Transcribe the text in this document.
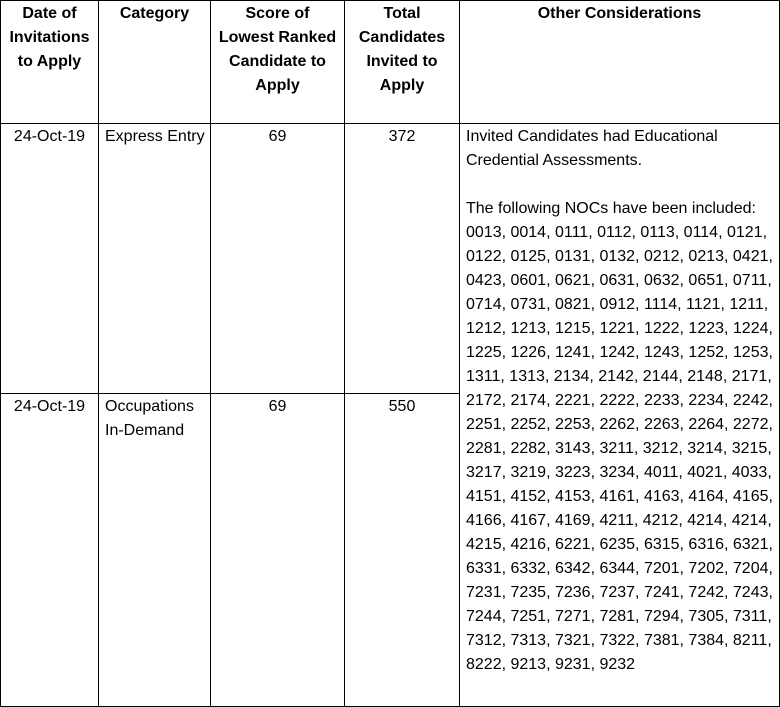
Date of Invitations to Apply	Category	Score of Lowest Ranked Candidate to Apply	Total Candidates Invited to Apply	Other Considerations
24-Oct-19	Express Entry	69	372	Invited Candidates had Educational Credential Assessments.

The following NOCs have been included:

0013, 0014, 0111, 0112, 0113, 0114, 0121, 0122, 0125, 0131, 0132, 0212, 0213, 0421, 0423, 0601, 0621, 0631, 0632, 0651, 0711, 0714, 0731, 0821, 0912, 1114, 1121, 1211, 1212, 1213, 1215, 1221, 1222, 1223, 1224, 1225, 1226, 1241, 1242, 1243, 1252, 1253, 1311, 1313, 2134, 2142, 2144, 2148, 2171, 2172, 2174, 2221, 2222, 2233, 2234, 2242, 2251, 2252, 2253, 2262, 2263, 2264, 2272, 2281, 2282, 3143, 3211, 3212, 3214, 3215, 3217, 3219, 3223, 3234, 4011, 4021, 4033, 4151, 4152, 4153, 4161, 4163, 4164, 4165, 4166, 4167, 4169, 4211, 4212, 4214, 4214, 4215, 4216, 6221, 6235, 6315, 6316, 6321, 6331, 6332, 6342, 6344, 7201, 7202, 7204, 7231, 7235, 7236, 7237, 7241, 7242, 7243, 7244, 7251, 7271, 7281, 7294, 7305, 7311, 7312, 7313, 7321, 7322, 7381, 7384, 8211, 8222, 9213, 9231, 9232

24-Oct-19	Occupations In-Demand	69	550	
